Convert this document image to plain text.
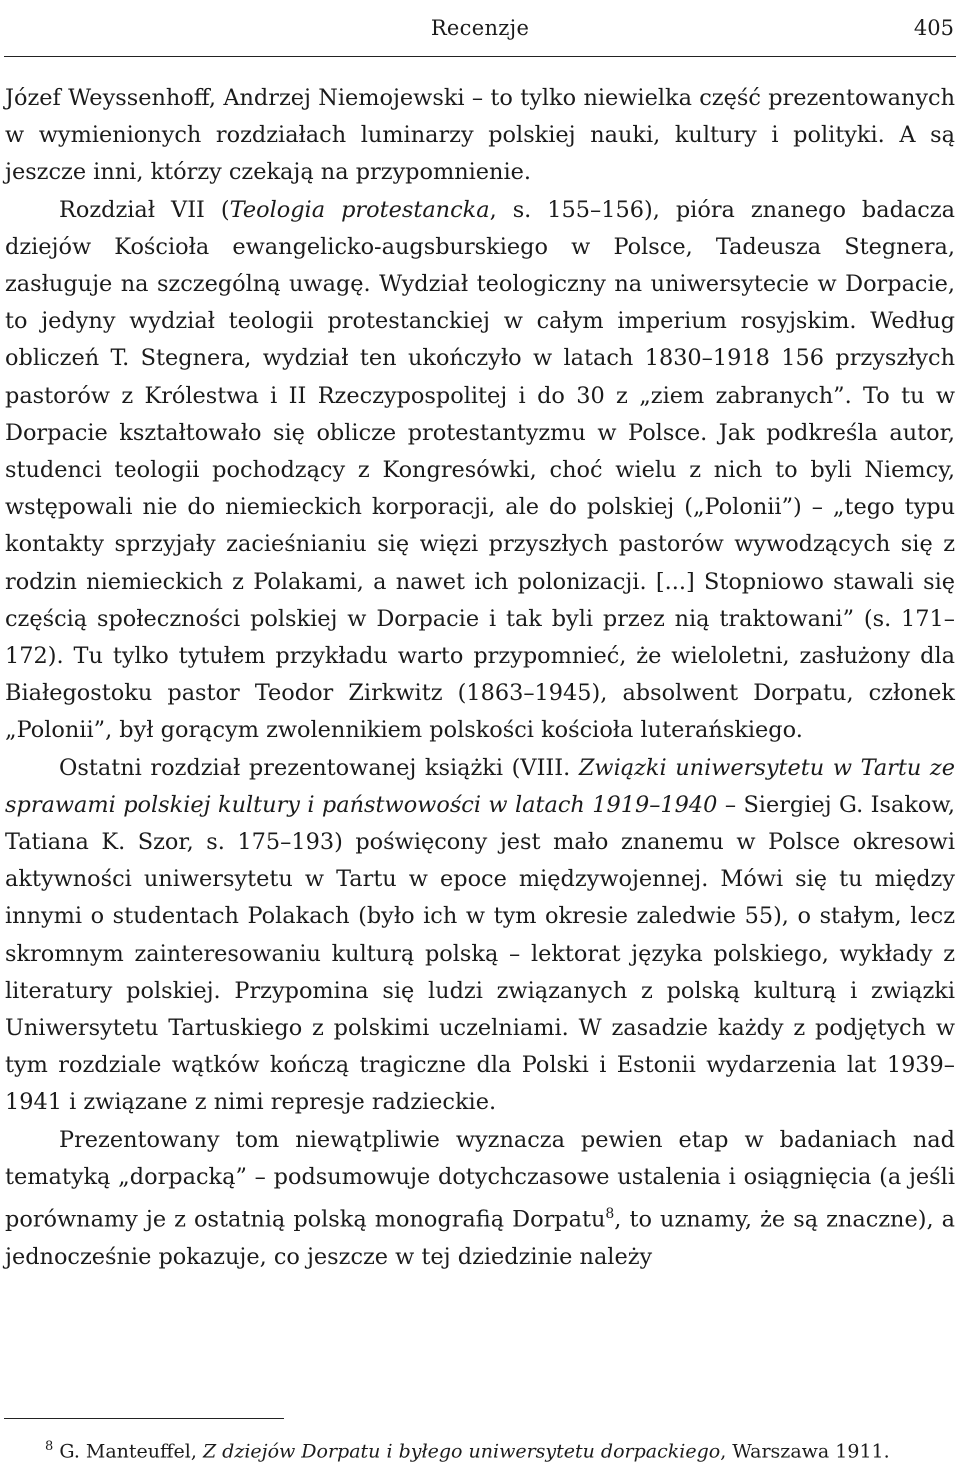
Recenzje	405

Józef Weyssenhoff, Andrzej Niemojewski – to tylko niewielka część prezentowanych w wymienionych rozdziałach luminarzy polskiej nauki, kultury i polityki. A są jeszcze inni, którzy czekają na przypomnienie.

Rozdział VII (Teologia protestancka, s. 155–156), pióra znanego badacza dziejów Kościoła ewangelicko-augsburskiego w Polsce, Tadeusza Stegnera, zasługuje na szczególną uwagę. Wydział teologiczny na uniwersytecie w Dorpacie, to jedyny wydział teologii protestanckiej w całym imperium rosyjskim. Według obliczeń T. Stegnera, wydział ten ukończyło w latach 1830–1918 156 przyszłych pastorów z Królestwa i II Rzeczypospolitej i do 30 z „ziem zabranych”. To tu w Dorpacie kształtowało się oblicze protestantyzmu w Polsce. Jak podkreśla autor, studenci teologii pochodzący z Kongresówki, choć wielu z nich to byli Niemcy, wstępowali nie do niemieckich korporacji, ale do polskiej („Polonii”) – „tego typu kontakty sprzyjały zacieśnianiu się więzi przyszłych pastorów wywodzących się z rodzin niemieckich z Polakami, a nawet ich polonizacji. [...] Stopniowo stawali się częścią społeczności polskiej w Dorpacie i tak byli przez nią traktowani” (s. 171–172). Tu tylko tytułem przykładu warto przypomnieć, że wieloletni, zasłużony dla Białegostoku pastor Teodor Zirkwitz (1863–1945), absolwent Dorpatu, członek „Polonii”, był gorącym zwolennikiem polskości kościoła luterańskiego.

Ostatni rozdział prezentowanej książki (VIII. Związki uniwersytetu w Tartu ze sprawami polskiej kultury i państwowości w latach 1919–1940 – Siergiej G. Isakow, Tatiana K. Szor, s. 175–193) poświęcony jest mało znanemu w Polsce okresowi aktywności uniwersytetu w Tartu w epoce międzywojennej. Mówi się tu między innymi o studentach Polakach (było ich w tym okresie zaledwie 55), o stałym, lecz skromnym zainteresowaniu kulturą polską – lektorat języka polskiego, wykłady z literatury polskiej. Przypomina się ludzi związanych z polską kulturą i związki Uniwersytetu Tartuskiego z polskimi uczelniami. W zasadzie każdy z podjętych w tym rozdziale wątków kończą tragiczne dla Polski i Estonii wydarzenia lat 1939–1941 i związane z nimi represje radzieckie.

Prezentowany tom niewątpliwie wyznacza pewien etap w badaniach nad tematyką „dorpacką” – podsumowuje dotychczasowe ustalenia i osiągnięcia (a jeśli porównamy je z ostatnią polską monografią Dorpatu$^8$, to uznamy, że są znaczne), a jednocześnie pokazuje, co jeszcze w tej dziedzinie należy

$^8$ G. Manteuffel, Z dziejów Dorpatu i byłego uniwersytetu dorpackiego, Warszawa 1911.
